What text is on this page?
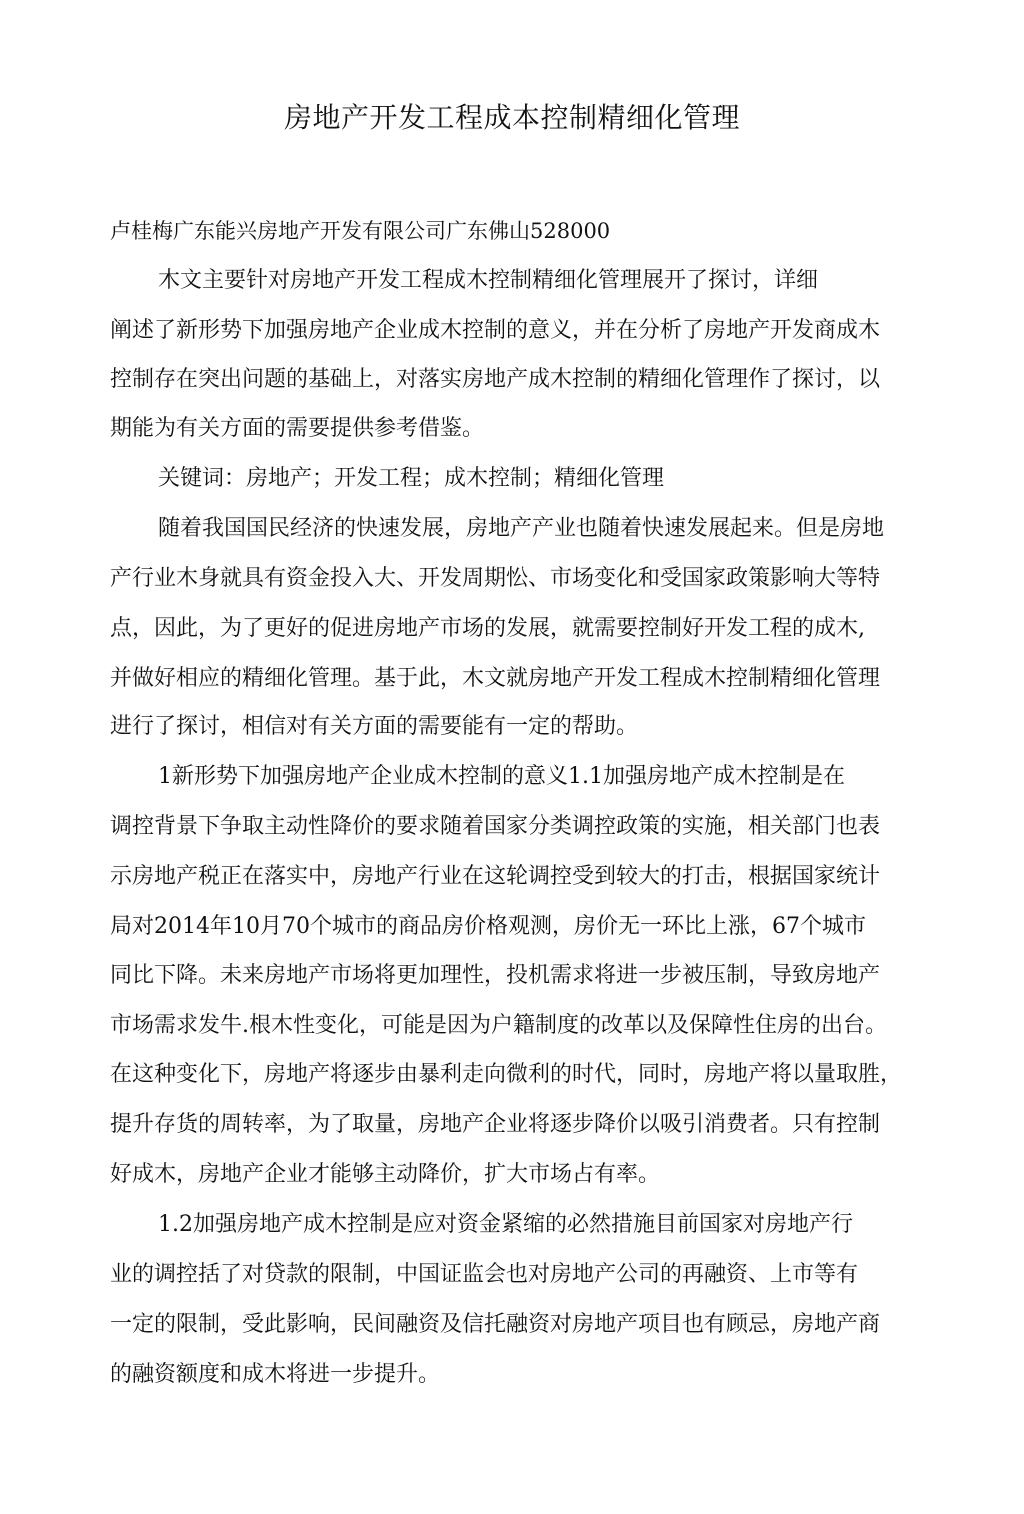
房地产开发工程成本控制精细化管理
卢桂梅广东能兴房地产开发有限公司广东佛山528000
木文主要针对房地产开发工程成木控制精细化管理展开了探讨，详细
阐述了新形势下加强房地产企业成木控制的意义，并在分析了房地产开发商成木
控制存在突出问题的基础上，对落实房地产成木控制的精细化管理作了探讨，以
期能为有关方面的需要提供参考借鉴。
关键词：房地产；开发工程；成木控制；精细化管理
随着我国国民经济的快速发展，房地产产业也随着快速发展起来。但是房地
产行业木身就具有资金投入大、开发周期忪、市场变化和受国家政策影响大等特
点，因此，为了更好的促进房地产市场的发展，就需要控制好开发工程的成木,
并做好相应的精细化管理。基于此，木文就房地产开发工程成木控制精细化管理
进行了探讨，相信对有关方面的需要能有一定的帮助。
1新形势下加强房地产企业成木控制的意义1.1加强房地产成木控制是在
调控背景下争取主动性降价的要求随着国家分类调控政策的实施，相关部门也表
示房地产税正在落实中，房地产行业在这轮调控受到较大的打击，根据国家统计
局对2014年10月70个城市的商品房价格观测，房价无一环比上涨，67个城市
同比下降。未来房地产市场将更加理性，投机需求将进一步被压制，导致房地产
市场需求发牛.根木性变化，可能是因为户籍制度的改革以及保障性住房的出台。
在这种变化下，房地产将逐步由暴利走向微利的时代，同时，房地产将以量取胜，
提升存货的周转率，为了取量，房地产企业将逐步降价以吸引消费者。只有控制
好成木，房地产企业才能够主动降价，扩大市场占有率。
1.2加强房地产成木控制是应对资金紧缩的必然措施目前国家对房地产行
业的调控括了对贷款的限制，中国证监会也对房地产公司的再融资、上市等有
一定的限制，受此影响，民间融资及信托融资对房地产项目也有顾忌，房地产商
的融资额度和成木将进一步提升。
